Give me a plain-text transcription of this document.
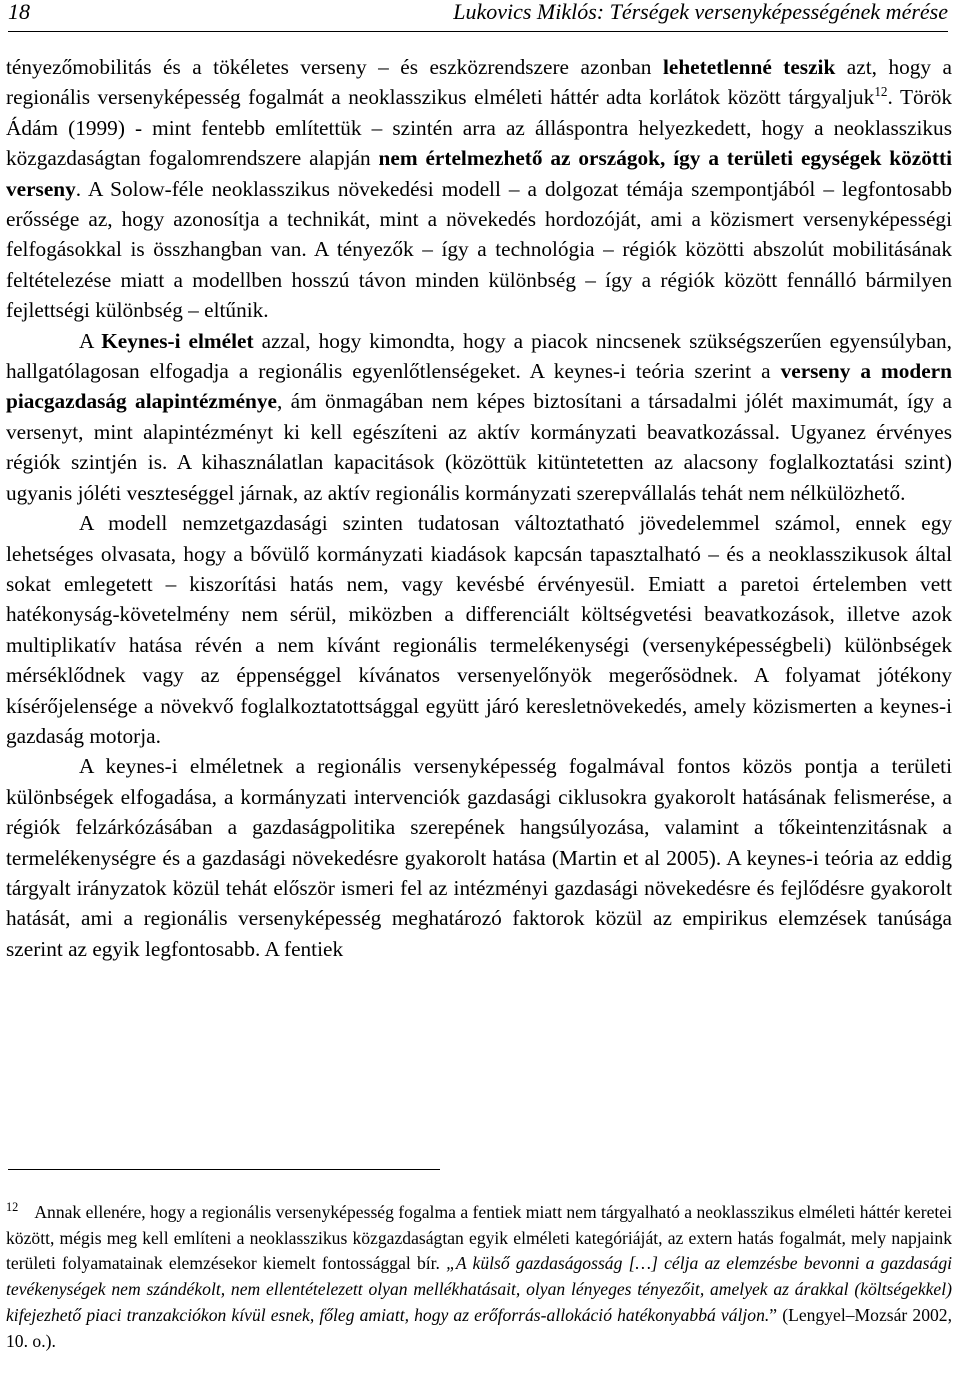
18	Lukovics Miklós: Térségek versenyképességének mérése

tényezőmobilitás és a tökéletes verseny – és eszközrendszere azonban lehetetlenné teszik azt, hogy a regionális versenyképesség fogalmát a neoklasszikus elméleti háttér adta korlátok között tárgyaljuk$^{12}$. Török Ádám (1999) - mint fentebb említettük – szintén arra az álláspontra helyezkedett, hogy a neoklasszikus közgazdaságtan fogalomrendszere alapján nem értelmezhető az országok, így a területi egységek közötti verseny. A Solow-féle neoklasszikus növekedési modell – a dolgozat témája szempontjából – legfontosabb erőssége az, hogy azonosítja a technikát, mint a növekedés hordozóját, ami a közismert versenyképességi felfogásokkal is összhangban van. A tényezők – így a technológia – régiók közötti abszolút mobilitásának feltételezése miatt a modellben hosszú távon minden különbség – így a régiók között fennálló bármilyen fejlettségi különbség – eltűnik.

A Keynes-i elmélet azzal, hogy kimondta, hogy a piacok nincsenek szükségszerűen egyensúlyban, hallgatólagosan elfogadja a regionális egyenlőtlenségeket. A keynes-i teória szerint a verseny a modern piacgazdaság alapintézménye, ám önmagában nem képes biztosítani a társadalmi jólét maximumát, így a versenyt, mint alapintézményt ki kell egészíteni az aktív kormányzati beavatkozással. Ugyanez érvényes régiók szintjén is. A kihasználatlan kapacitások (közöttük kitüntetetten az alacsony foglalkoztatási szint) ugyanis jóléti veszteséggel járnak, az aktív regionális kormányzati szerepvállalás tehát nem nélkülözhető.

A modell nemzetgazdasági szinten tudatosan változtatható jövedelemmel számol, ennek egy lehetséges olvasata, hogy a bővülő kormányzati kiadások kapcsán tapasztalható – és a neoklasszikusok által sokat emlegetett – kiszorítási hatás nem, vagy kevésbé érvényesül. Emiatt a paretoi értelemben vett hatékonyság-követelmény nem sérül, miközben a differenciált költségvetési beavatkozások, illetve azok multiplikatív hatása révén a nem kívánt regionális termelékenységi (versenyképességbeli) különbségek mérséklődnek vagy az éppenséggel kívánatos versenyelőnyök megerősödnek. A folyamat jótékony kísérőjelensége a növekvő foglalkoztatottsággal együtt járó keresletnövekedés, amely közismerten a keynes-i gazdaság motorja.

A keynes-i elméletnek a regionális versenyképesség fogalmával fontos közös pontja a területi különbségek elfogadása, a kormányzati intervenciók gazdasági ciklusokra gyakorolt hatásának felismerése, a régiók felzárkózásában a gazdaságpolitika szerepének hangsúlyozása, valamint a tőkeintenzitásnak a termelékenységre és a gazdasági növekedésre gyakorolt hatása (Martin et al 2005). A keynes-i teória az eddig tárgyalt irányzatok közül tehát először ismeri fel az intézményi gazdasági növekedésre és fejlődésre gyakorolt hatását, ami a regionális versenyképesség meghatározó faktorok közül az empirikus elemzések tanúsága szerint az egyik legfontosabb. A fentiek

$^{12}$ Annak ellenére, hogy a regionális versenyképesség fogalma a fentiek miatt nem tárgyalható a neoklasszikus elméleti háttér keretei között, mégis meg kell említeni a neoklasszikus közgazdaságtan egyik elméleti kategóriáját, az extern hatás fogalmát, mely napjaink területi folyamatainak elemzésekor kiemelt fontossággal bír. „A külső gazdaságosság […] célja az elemzésbe bevonni a gazdasági tevékenységek nem szándékolt, nem ellentételezett olyan mellékhatásait, olyan lényeges tényezőit, amelyek az árakkal (költségekkel) kifejezhető piaci tranzakciókon kívül esnek, főleg amiatt, hogy az erőforrás-allokáció hatékonyabbá váljon.” (Lengyel–Mozsár 2002, 10. o.).
